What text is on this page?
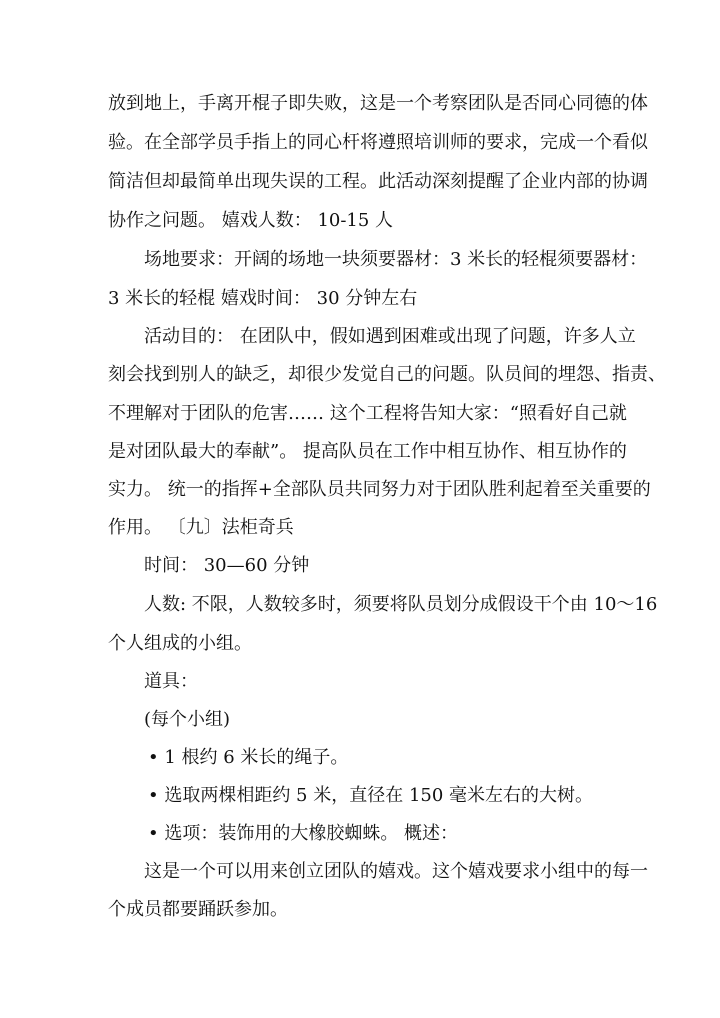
放到地上，手离开棍子即失败，这是一个考察团队是否同心同德的体
验。在全部学员手指上的同心杆将遵照培训师的要求，完成一个看似
简洁但却最简单出现失误的工程。此活动深刻提醒了企业内部的协调
协作之问题。 嬉戏人数： 10-15 人
场地要求：开阔的场地一块须要器材：3 米长的轻棍须要器材：
3 米长的轻棍 嬉戏时间： 30 分钟左右
活动目的： 在团队中，假如遇到困难或出现了问题，许多人立
刻会找到别人的缺乏，却很少发觉自己的问题。队员间的埋怨、指责、
不理解对于团队的危害…… 这个工程将告知大家：“照看好自己就
是对团队最大的奉献”。 提高队员在工作中相互协作、相互协作的
实力。 统一的指挥+全部队员共同努力对于团队胜利起着至关重要的
作用。 〔九〕法柜奇兵
时间： 30—60 分钟
人数: 不限，人数较多时，须要将队员划分成假设干个由 10～16
个人组成的小组。
道具：
(每个小组)
• 1 根约 6 米长的绳子。
• 选取两棵相距约 5 米，直径在 150 毫米左右的大树。
• 选项：装饰用的大橡胶蜘蛛。 概述：
这是一个可以用来创立团队的嬉戏。这个嬉戏要求小组中的每一
个成员都要踊跃参加。
